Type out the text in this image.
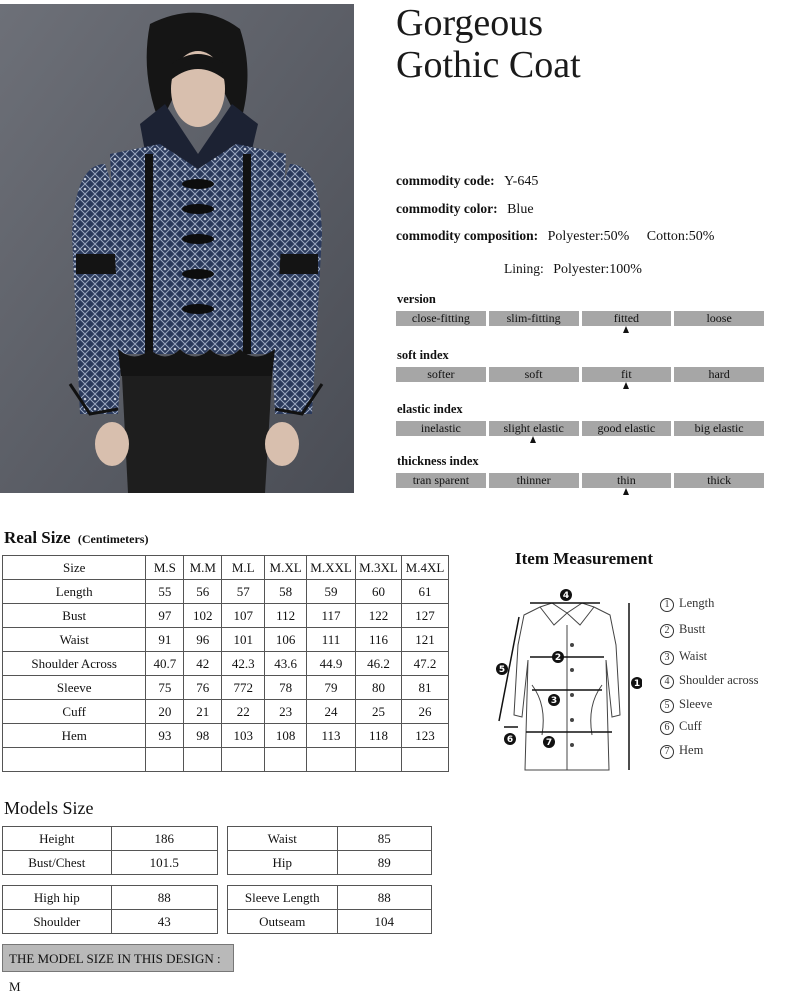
Gorgeous
Gothic Coat
commodity code: Y-645
commodity color: Blue
commodity composition: Polyester:50% Cotton:50%
Lining: Polyester:100%
version
close-fitting	slim-fitting	fitted	loose
soft index
softer	soft	fit	hard
elastic index
inelastic	slight elastic	good elastic	big elastic
thickness index
tran sparent	thinner	thin	thick
Real Size (Centimeters)
Size	M.S	M.M	M.L	M.XL	M.XXL	M.3XL	M.4XL
Length	55	56	57	58	59	60	61
Bust	97	102	107	112	117	122	127
Waist	91	96	101	106	111	116	121
Shoulder Across	40.7	42	42.3	43.6	44.9	46.2	47.2
Sleeve	75	76	772	78	79	80	81
Cuff	20	21	22	23	24	25	26
Hem	93	98	103	108	113	118	123

Item Measurement
4
2
3
7
1
5
6
1 Length
2 Bustt
3 Waist
4 Shoulder across
5 Sleeve
6 Cuff
7 Hem
Models Size
Height	186
Bust/Chest	101.5
Waist	85
Hip	89
High hip	88
Shoulder	43
Sleeve Length	88
Outseam	104
THE MODEL SIZE IN THIS DESIGN : M
